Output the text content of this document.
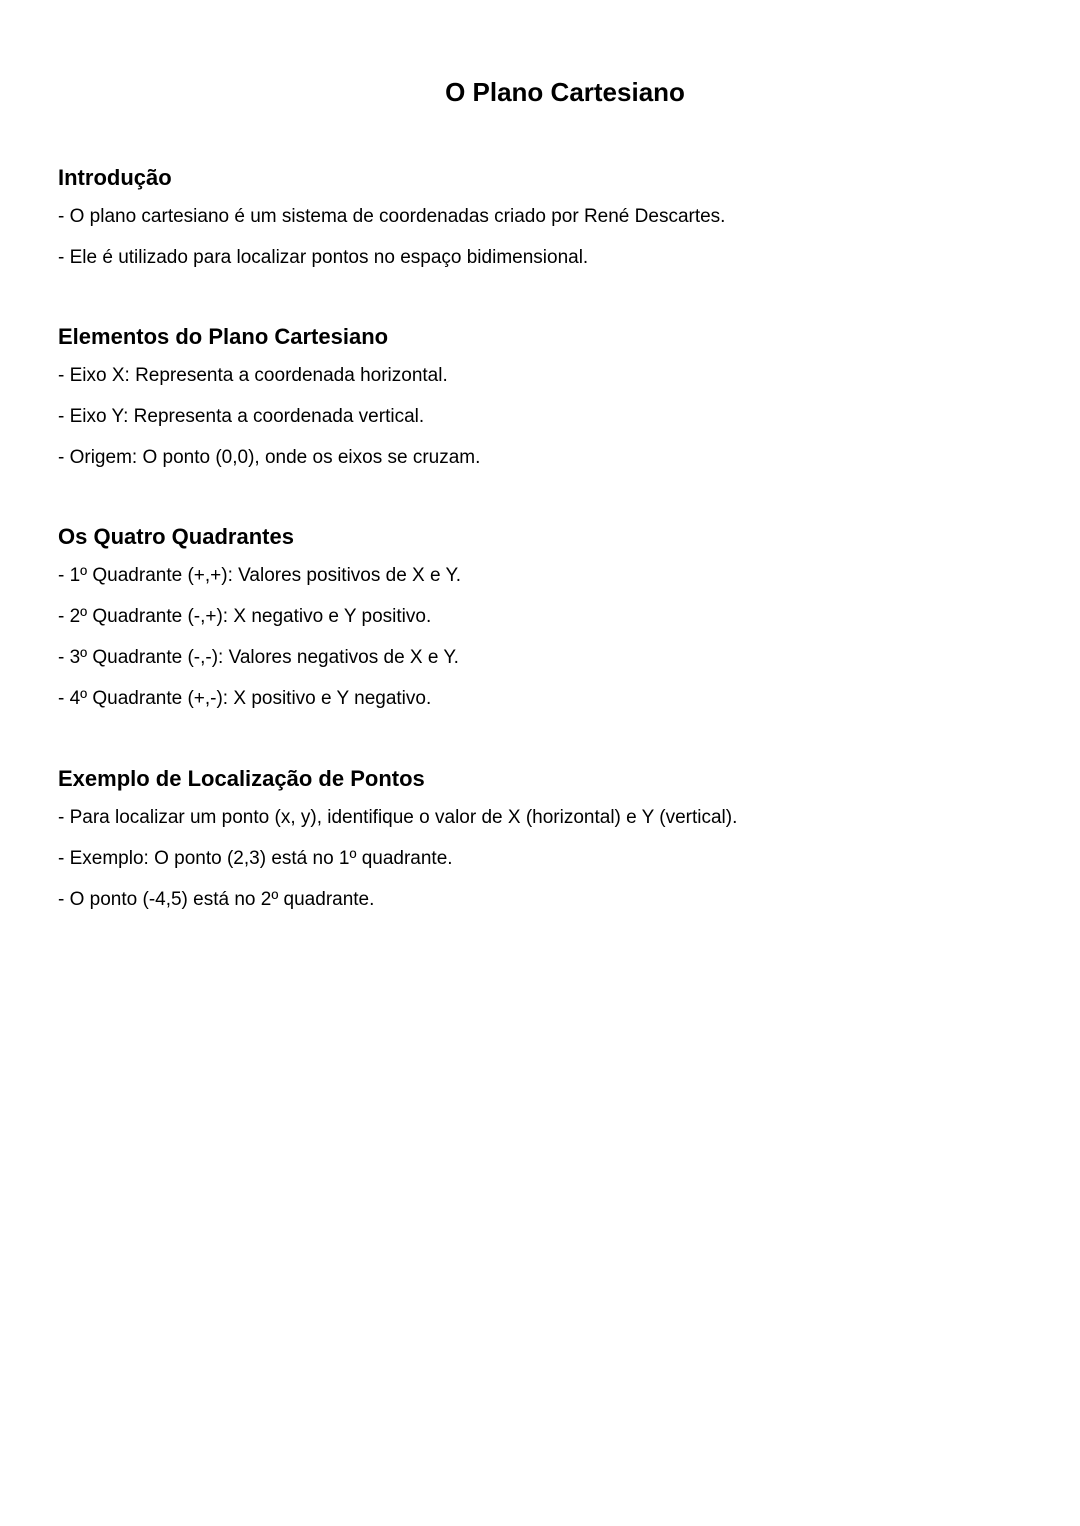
O Plano Cartesiano
Introdução
- O plano cartesiano é um sistema de coordenadas criado por René Descartes.
- Ele é utilizado para localizar pontos no espaço bidimensional.
Elementos do Plano Cartesiano
- Eixo X: Representa a coordenada horizontal.
- Eixo Y: Representa a coordenada vertical.
- Origem: O ponto (0,0), onde os eixos se cruzam.
Os Quatro Quadrantes
- 1º Quadrante (+,+): Valores positivos de X e Y.
- 2º Quadrante (-,+): X negativo e Y positivo.
- 3º Quadrante (-,-): Valores negativos de X e Y.
- 4º Quadrante (+,-): X positivo e Y negativo.
Exemplo de Localização de Pontos
- Para localizar um ponto (x, y), identifique o valor de X (horizontal) e Y (vertical).
- Exemplo: O ponto (2,3) está no 1º quadrante.
- O ponto (-4,5) está no 2º quadrante.
